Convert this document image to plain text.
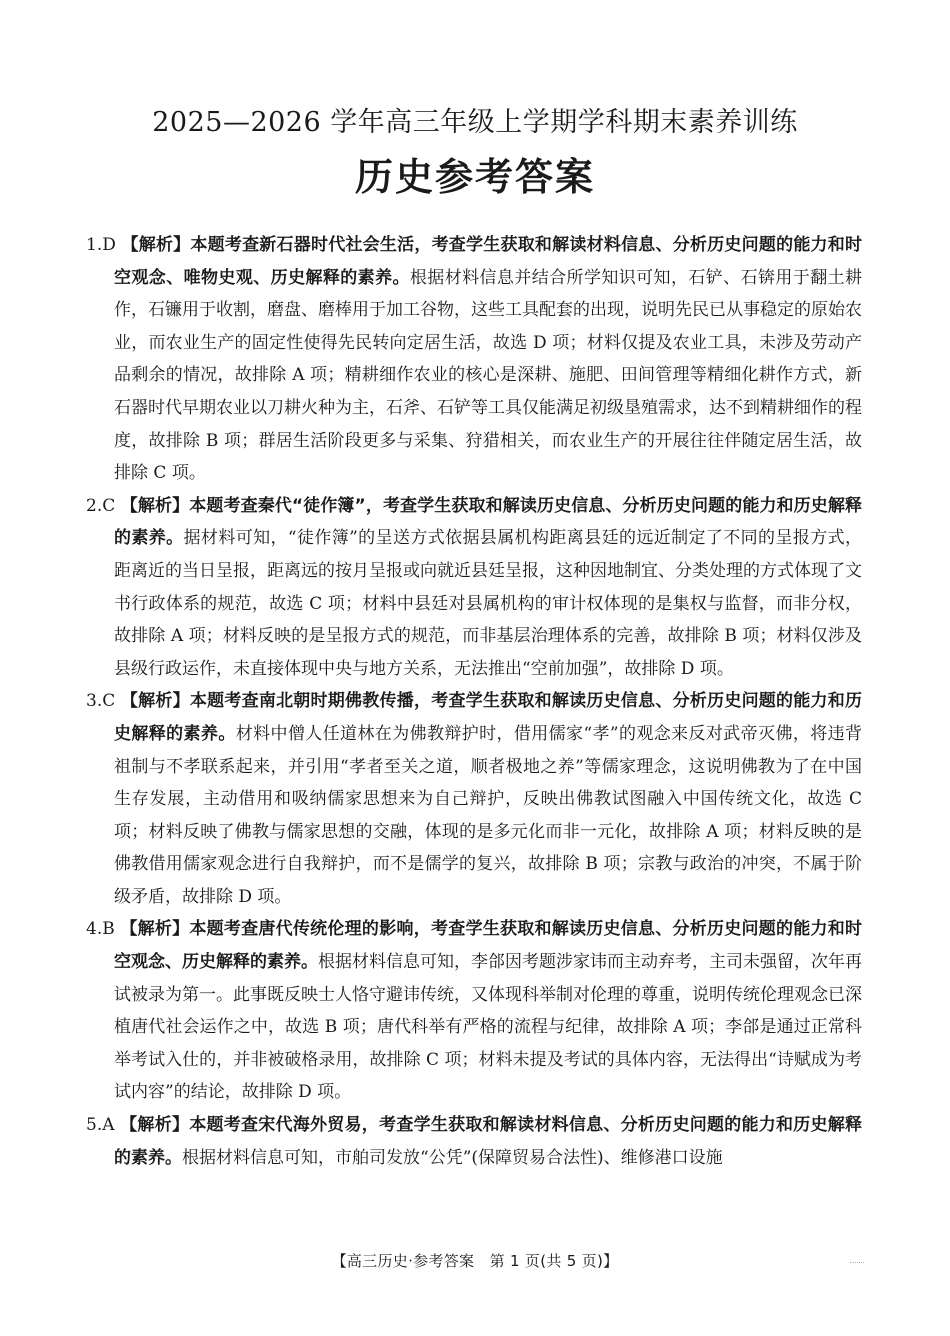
2025—2026 学年高三年级上学期学科期末素养训练
历史参考答案

1.D 【解析】本题考查新石器时代社会生活，考查学生获取和解读材料信息、分析历史问题的能力和时空观念、唯物史观、历史解释的素养。根据材料信息并结合所学知识可知，石铲、石锛用于翻土耕作，石镰用于收割，磨盘、磨棒用于加工谷物，这些工具配套的出现，说明先民已从事稳定的原始农业，而农业生产的固定性使得先民转向定居生活，故选 D 项；材料仅提及农业工具，未涉及劳动产品剩余的情况，故排除 A 项；精耕细作农业的核心是深耕、施肥、田间管理等精细化耕作方式，新石器时代早期农业以刀耕火种为主，石斧、石铲等工具仅能满足初级垦殖需求，达不到精耕细作的程度，故排除 B 项；群居生活阶段更多与采集、狩猎相关，而农业生产的开展往往伴随定居生活，故排除 C 项。

2.C 【解析】本题考查秦代“徒作簿”，考查学生获取和解读历史信息、分析历史问题的能力和历史解释的素养。据材料可知，“徒作簿”的呈送方式依据县属机构距离县廷的远近制定了不同的呈报方式，距离近的当日呈报，距离远的按月呈报或向就近县廷呈报，这种因地制宜、分类处理的方式体现了文书行政体系的规范，故选 C 项；材料中县廷对县属机构的审计权体现的是集权与监督，而非分权，故排除 A 项；材料反映的是呈报方式的规范，而非基层治理体系的完善，故排除 B 项；材料仅涉及县级行政运作，未直接体现中央与地方关系，无法推出“空前加强”，故排除 D 项。

3.C 【解析】本题考查南北朝时期佛教传播，考查学生获取和解读历史信息、分析历史问题的能力和历史解释的素养。材料中僧人任道林在为佛教辩护时，借用儒家“孝”的观念来反对武帝灭佛，将违背祖制与不孝联系起来，并引用“孝者至关之道，顺者极地之养”等儒家理念，这说明佛教为了在中国生存发展，主动借用和吸纳儒家思想来为自己辩护，反映出佛教试图融入中国传统文化，故选 C 项；材料反映了佛教与儒家思想的交融，体现的是多元化而非一元化，故排除 A 项；材料反映的是佛教借用儒家观念进行自我辩护，而不是儒学的复兴，故排除 B 项；宗教与政治的冲突，不属于阶级矛盾，故排除 D 项。

4.B 【解析】本题考查唐代传统伦理的影响，考查学生获取和解读历史信息、分析历史问题的能力和时空观念、历史解释的素养。根据材料信息可知，李郃因考题涉家讳而主动弃考，主司未强留，次年再试被录为第一。此事既反映士人恪守避讳传统，又体现科举制对伦理的尊重，说明传统伦理观念已深植唐代社会运作之中，故选 B 项；唐代科举有严格的流程与纪律，故排除 A 项；李郃是通过正常科举考试入仕的，并非被破格录用，故排除 C 项；材料未提及考试的具体内容，无法得出“诗赋成为考试内容”的结论，故排除 D 项。

5.A 【解析】本题考查宋代海外贸易，考查学生获取和解读材料信息、分析历史问题的能力和历史解释的素养。根据材料信息可知，市舶司发放“公凭”(保障贸易合法性)、维修港口设施

【高三历史·参考答案　第 1 页(共 5 页)】
